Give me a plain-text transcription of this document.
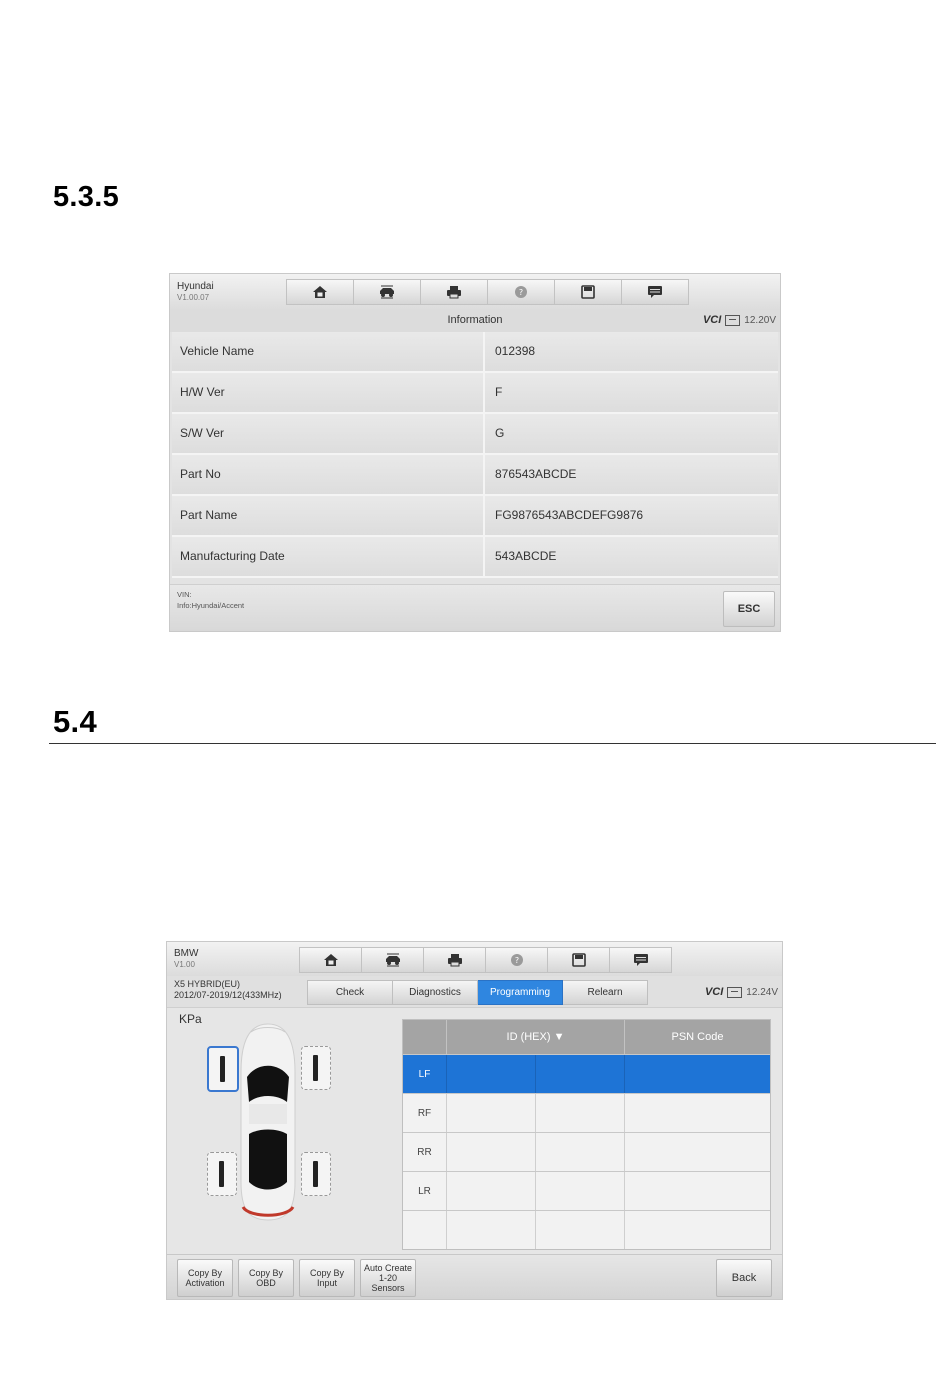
5.3.5
5.4
Hyundai
V1.00.07
?
Information	VCI 12.20V
Vehicle Name	012398
H/W Ver	F
S/W Ver	G
Part No	876543ABCDE
Part Name	FG9876543ABCDEFG9876
Manufacturing Date	543ABCDE
VIN:
Info:Hyundai/Accent	ESC
BMW
V1.00	?
X5 HYBRID(EU)
2012/07-2019/12(433MHz)	Check	Diagnostics	Programming	Relearn	VCI 12.24V
KPa
ID (HEX) ▼	PSN Code
LF
RF
RR
LR
Copy By
Activation
Copy By
OBD
Copy By
Input
Auto Create
1-20
Sensors
Back
